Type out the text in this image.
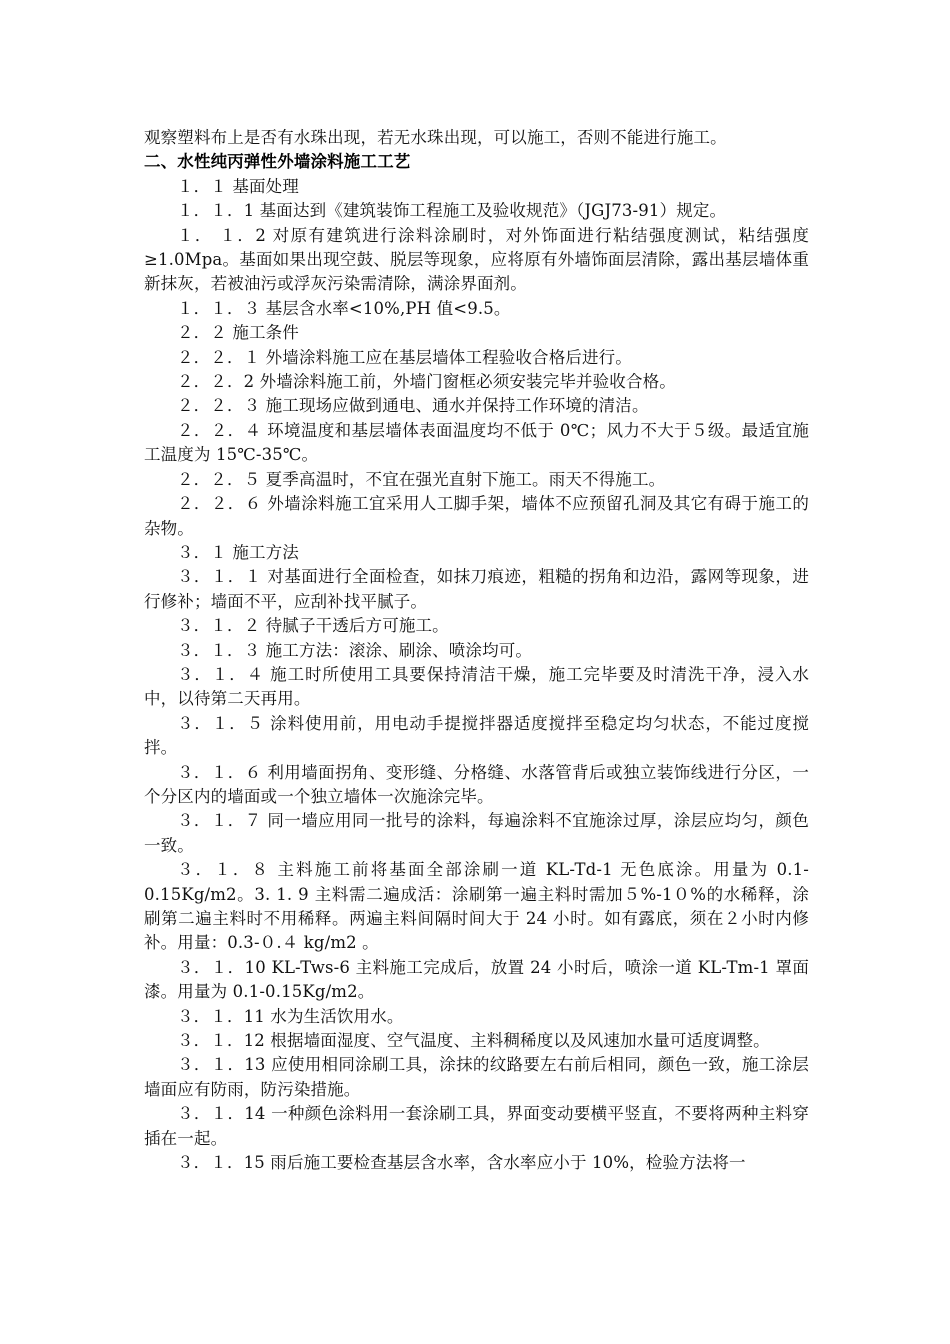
观察塑料布上是否有水珠出现，若无水珠出现，可以施工，否则不能进行施工。

二、水性纯丙弹性外墙涂料施工工艺

１．１ 基面处理

１．１．1 基面达到《建筑装饰工程施工及验收规范》（JGJ73-91）规定。

１． １．2 对原有建筑进行涂料涂刷时，对外饰面进行粘结强度测试，粘结强度≥1.0Mpa。基面如果出现空鼓、脱层等现象，应将原有外墙饰面层清除，露出基层墙体重新抹灰，若被油污或浮灰污染需清除，满涂界面剂。

１．１．３ 基层含水率<10%,PH 值<9.5。

２．２ 施工条件

２．２．１ 外墙涂料施工应在基层墙体工程验收合格后进行。

２．２．2 外墙涂料施工前，外墙门窗框必须安装完毕并验收合格。

２．２．３ 施工现场应做到通电、通水并保持工作环境的清洁。

２．２．４ 环境温度和基层墙体表面温度均不低于 0℃；风力不大于５级。最适宜施工温度为 15℃-35℃。

２．２．５ 夏季高温时，不宜在强光直射下施工。雨天不得施工。

２．２．６ 外墙涂料施工宜采用人工脚手架，墙体不应预留孔洞及其它有碍于施工的杂物。

３．１ 施工方法

３．１．１ 对基面进行全面检查，如抹刀痕迹，粗糙的拐角和边沿，露网等现象，进行修补；墙面不平，应刮补找平腻子。

３．１．２ 待腻子干透后方可施工。

３．１．３ 施工方法：滚涂、刷涂、喷涂均可。

３．１．４ 施工时所使用工具要保持清洁干燥，施工完毕要及时清洗干净，浸入水中，以待第二天再用。

３．１．５ 涂料使用前，用电动手提搅拌器适度搅拌至稳定均匀状态，不能过度搅拌。

３．１．６ 利用墙面拐角、变形缝、分格缝、水落管背后或独立装饰线进行分区，一个分区内的墙面或一个独立墙体一次施涂完毕。

３．１．７ 同一墙应用同一批号的涂料，每遍涂料不宜施涂过厚，涂层应均匀，颜色一致。

３．１．８ 主料施工前将基面全部涂刷一道 KL-Td-1 无色底涂。用量为 0.1-0.15Kg/m2。3. 1. 9 主料需二遍成活：涂刷第一遍主料时需加５%-1０%的水稀释，涂刷第二遍主料时不用稀释。两遍主料间隔时间大于 24 小时。如有露底，须在２小时内修补。用量：0.3-０.４ kg/m2 。

３．１．10 KL-Tws-6 主料施工完成后，放置 24 小时后，喷涂一道 KL-Tm-1 罩面漆。用量为 0.1-0.15Kg/m2。

３．１．11 水为生活饮用水。

３．１．12 根据墙面湿度、空气温度、主料稠稀度以及风速加水量可适度调整。

３．１．13 应使用相同涂刷工具，涂抹的纹路要左右前后相同，颜色一致，施工涂层墙面应有防雨，防污染措施。

３．１．14 一种颜色涂料用一套涂刷工具，界面变动要横平竖直，不要将两种主料穿插在一起。

３．１．15 雨后施工要检查基层含水率，含水率应小于 10%，检验方法将一
